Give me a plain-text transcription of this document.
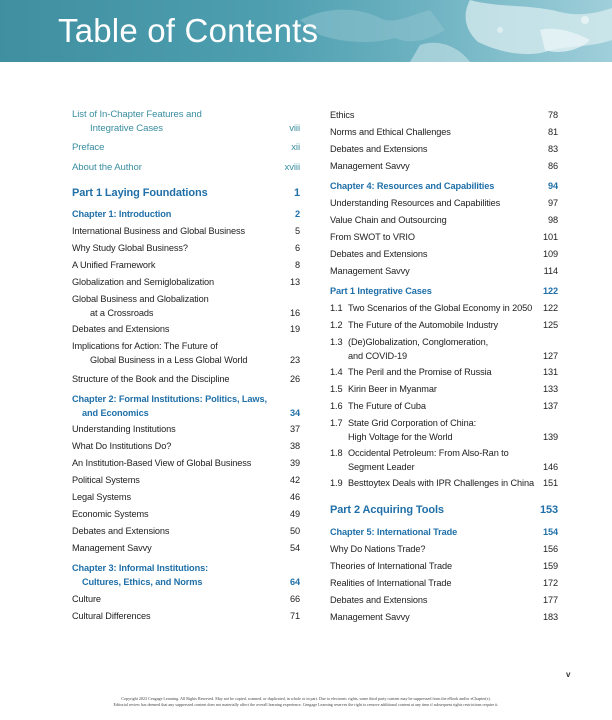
Table of Contents
List of In-Chapter Features and
Integrative Cases	viii
Preface	xii
About the Author	xviii
Part 1 Laying Foundations	1
Chapter 1: Introduction	2
International Business and Global Business	5
Why Study Global Business?	6
A Unified Framework	8
Globalization and Semiglobalization	13
Global Business and Globalization
at a Crossroads	16
Debates and Extensions	19
Implications for Action: The Future of
Global Business in a Less Global World	23
Structure of the Book and the Discipline	26
Chapter 2: Formal Institutions: Politics, Laws,
and Economics	34
Understanding Institutions	37
What Do Institutions Do?	38
An Institution-Based View of Global Business	39
Political Systems	42
Legal Systems	46
Economic Systems	49
Debates and Extensions	50
Management Savvy	54
Chapter 3: Informal Institutions:
Cultures, Ethics, and Norms	64
Culture	66
Cultural Differences	71
Ethics	78
Norms and Ethical Challenges	81
Debates and Extensions	83
Management Savvy	86
Chapter 4: Resources and Capabilities	94
Understanding Resources and Capabilities	97
Value Chain and Outsourcing	98
From SWOT to VRIO	101
Debates and Extensions	109
Management Savvy	114
Part 1 Integrative Cases	122
1.1 Two Scenarios of the Global Economy in 2050 122
1.2 The Future of the Automobile Industry	125
1.3 (De)Globalization, Conglomeration,
and COVID-19	127
1.4 The Peril and the Promise of Russia	131
1.5 Kirin Beer in Myanmar	133
1.6 The Future of Cuba	137
1.7 State Grid Corporation of China:
High Voltage for the World	139
1.8 Occidental Petroleum: From Also-Ran to
Segment Leader	146
1.9 Besttoytex Deals with IPR Challenges in China 151
Part 2 Acquiring Tools	153
Chapter 5: International Trade	154
Why Do Nations Trade?	156
Theories of International Trade	159
Realities of International Trade	172
Debates and Extensions	177
Management Savvy	183
v
Copyright 2023 Cengage Learning. All Rights Reserved. May not be copied, scanned, or duplicated, in whole or in part. Due to electronic rights, some third party content may be suppressed from the eBook and/or eChapter(s).
Editorial review has deemed that any suppressed content does not materially affect the overall learning experience. Cengage Learning reserves the right to remove additional content at any time if subsequent rights restrictions require it.
